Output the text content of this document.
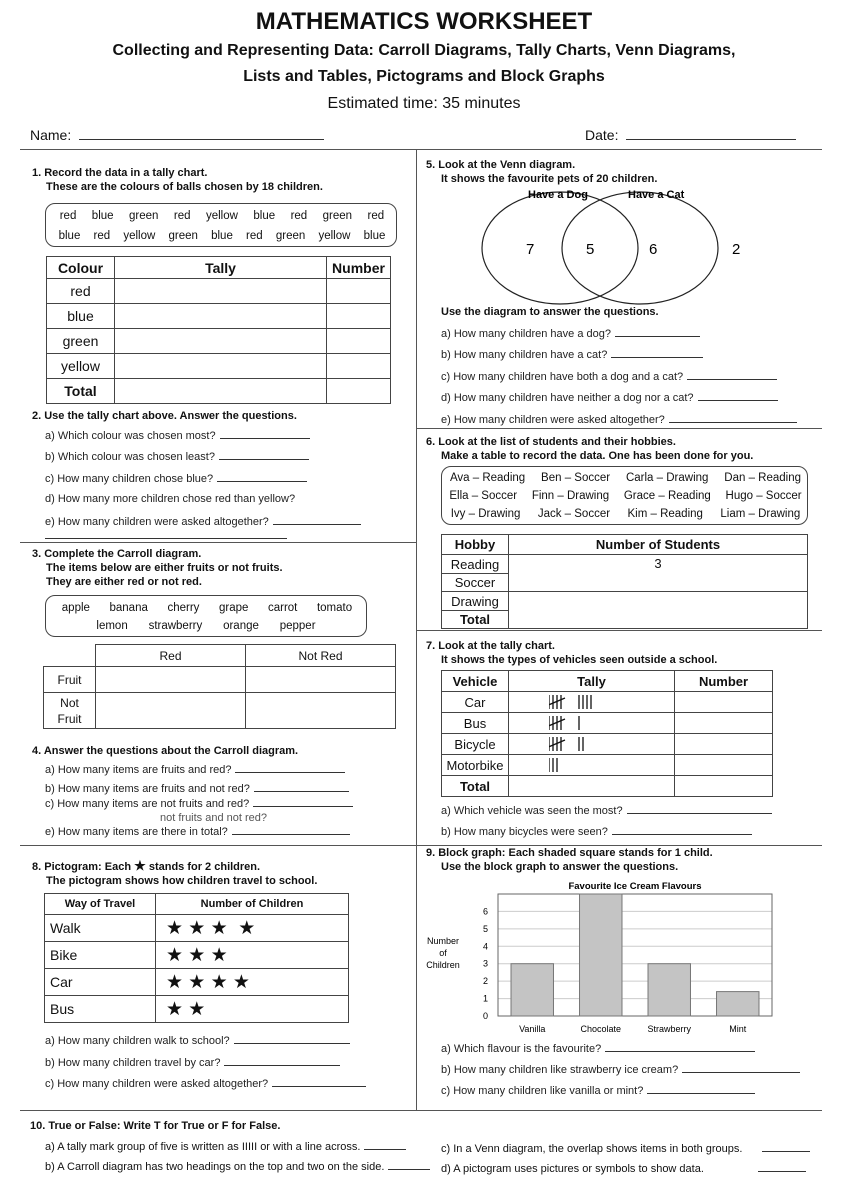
MATHEMATICS WORKSHEET
Collecting and Representing Data: Carroll Diagrams, Tally Charts, Venn Diagrams,
Lists and Tables, Pictograms and Block Graphs
Estimated time: 35 minutes
Name:	Date:
1. Record the data in a tally chart.
These are the colours of balls chosen by 18 children.
red blue green red yellow blue red green red
blue red yellow green blue red green yellow blue
Colour	Tally	Number
red		
blue		
green		
yellow		
Total		
2. Use the tally chart above. Answer the questions.
a) Which colour was chosen most?
b) Which colour was chosen least?
c) How many children chose blue?
d) How many more children chose red than yellow?
e) How many children were asked altogether?
3. Complete the Carroll diagram.
The items below are either fruits or not fruits.
They are either red or not red.
apple banana cherry grape carrot tomato
lemon strawberry orange pepper
	Red	Not Red
Fruit		
Not
Fruit		
4. Answer the questions about the Carroll diagram.
a) How many items are fruits and red?
b) How many items are fruits and not red?
c) How many items are not fruits and red?
not fruits and not red?
e) How many items are there in total?
5. Look at the Venn diagram.
It shows the favourite pets of 20 children.
Have a Dog	Have a Cat
7	5	6	2
Use the diagram to answer the questions.
a) How many children have a dog?
b) How many children have a cat?
c) How many children have both a dog and a cat?
d) How many children have neither a dog nor a cat?
e) How many children were asked altogether?
6. Look at the list of students and their hobbies.
Make a table to record the data. One has been done for you.
Ava – Reading Ben – Soccer Carla – Drawing Dan – Reading
Ella – Soccer Finn – Drawing Grace – Reading Hugo – Soccer
Ivy – Drawing Jack – Soccer Kim – Reading Liam – Drawing
Hobby	Number of Students
Reading	3
Soccer	
Drawing	
Total	
7. Look at the tally chart.
It shows the types of vehicles seen outside a school.
Vehicle	Tally	Number
Car	

Bus	

Bicycle	

Motorbike	

Total		
a) Which vehicle was seen the most?
b) How many bicycles were seen?
8. Pictogram: Each ★ stands for 2 children.
The pictogram shows how children travel to school.
Way of Travel	Number of Children
Walk	★ ★ ★  ★
Bike	★ ★ ★
Car	★ ★ ★ ★
Bus	★ ★
a) How many children walk to school?
b) How many children travel by car?
c) How many children were asked altogether?
9. Block graph: Each shaded square stands for 1 child.
Use the block graph to answer the questions.
Favourite Ice Cream Flavours
0
1
2
3
4
5
6
Number
of
Children
Vanilla	Chocolate	Strawberry	Mint
a) Which flavour is the favourite?
b) How many children like strawberry ice cream?
c) How many children like vanilla or mint?
10. True or False: Write T for True or F for False.
a) A tally mark group of five is written as IIIII or with a line across.
b) A Carroll diagram has two headings on the top and two on the side.
c) In a Venn diagram, the overlap shows items in both groups.
d) A pictogram uses pictures or symbols to show data.
